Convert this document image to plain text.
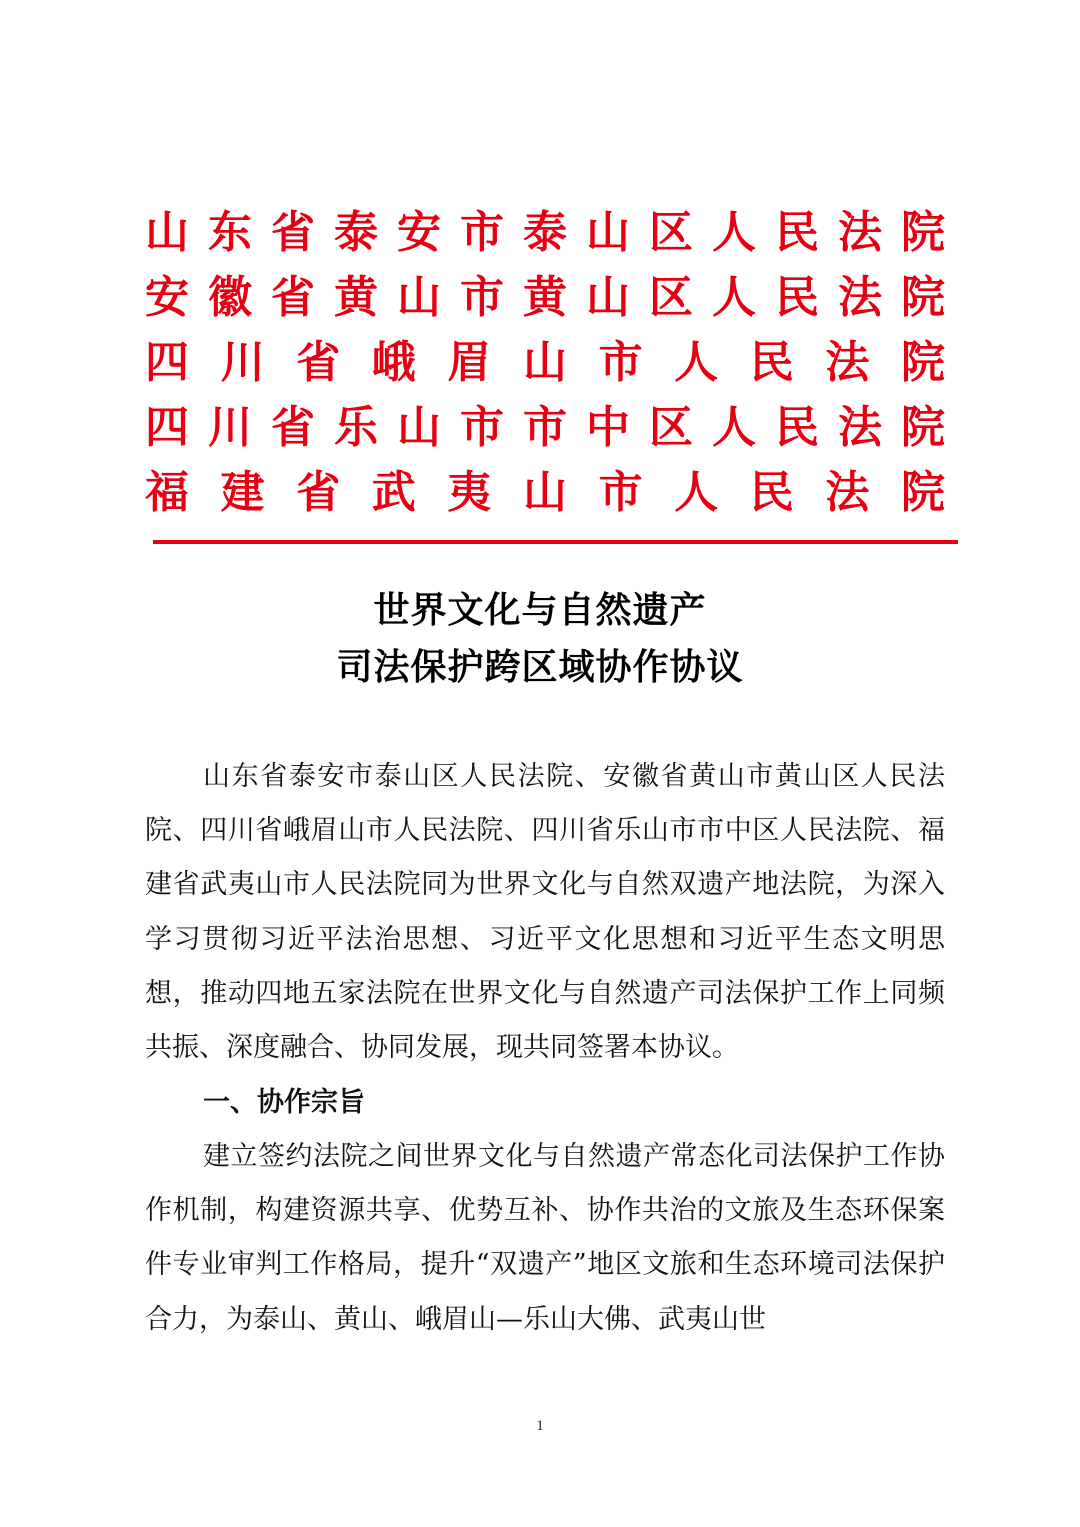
山 东 省 泰 安 市 泰 山 区 人 民 法 院
安 徽 省 黄 山 市 黄 山 区 人 民 法 院
四 川 省 峨 眉 山 市 人 民 法 院
四 川 省 乐 山 市 市 中 区 人 民 法 院
福 建 省 武 夷 山 市 人 民 法 院
世界文化与自然遗产
司法保护跨区域协作协议
山东省泰安市泰山区人民法院、安徽省黄山市黄山区人民法院、四川省峨眉山市人民法院、四川省乐山市市中区人民法院、福建省武夷山市人民法院同为世界文化与自然双遗产地法院，为深入学习贯彻习近平法治思想、习近平文化思想和习近平生态文明思想，推动四地五家法院在世界文化与自然遗产司法保护工作上同频共振、深度融合、协同发展，现共同签署本协议。
一、协作宗旨
建立签约法院之间世界文化与自然遗产常态化司法保护工作协作机制，构建资源共享、优势互补、协作共治的文旅及生态环保案件专业审判工作格局，提升“双遗产”地区文旅和生态环境司法保护合力，为泰山、黄山、峨眉山—乐山大佛、武夷山世
1
